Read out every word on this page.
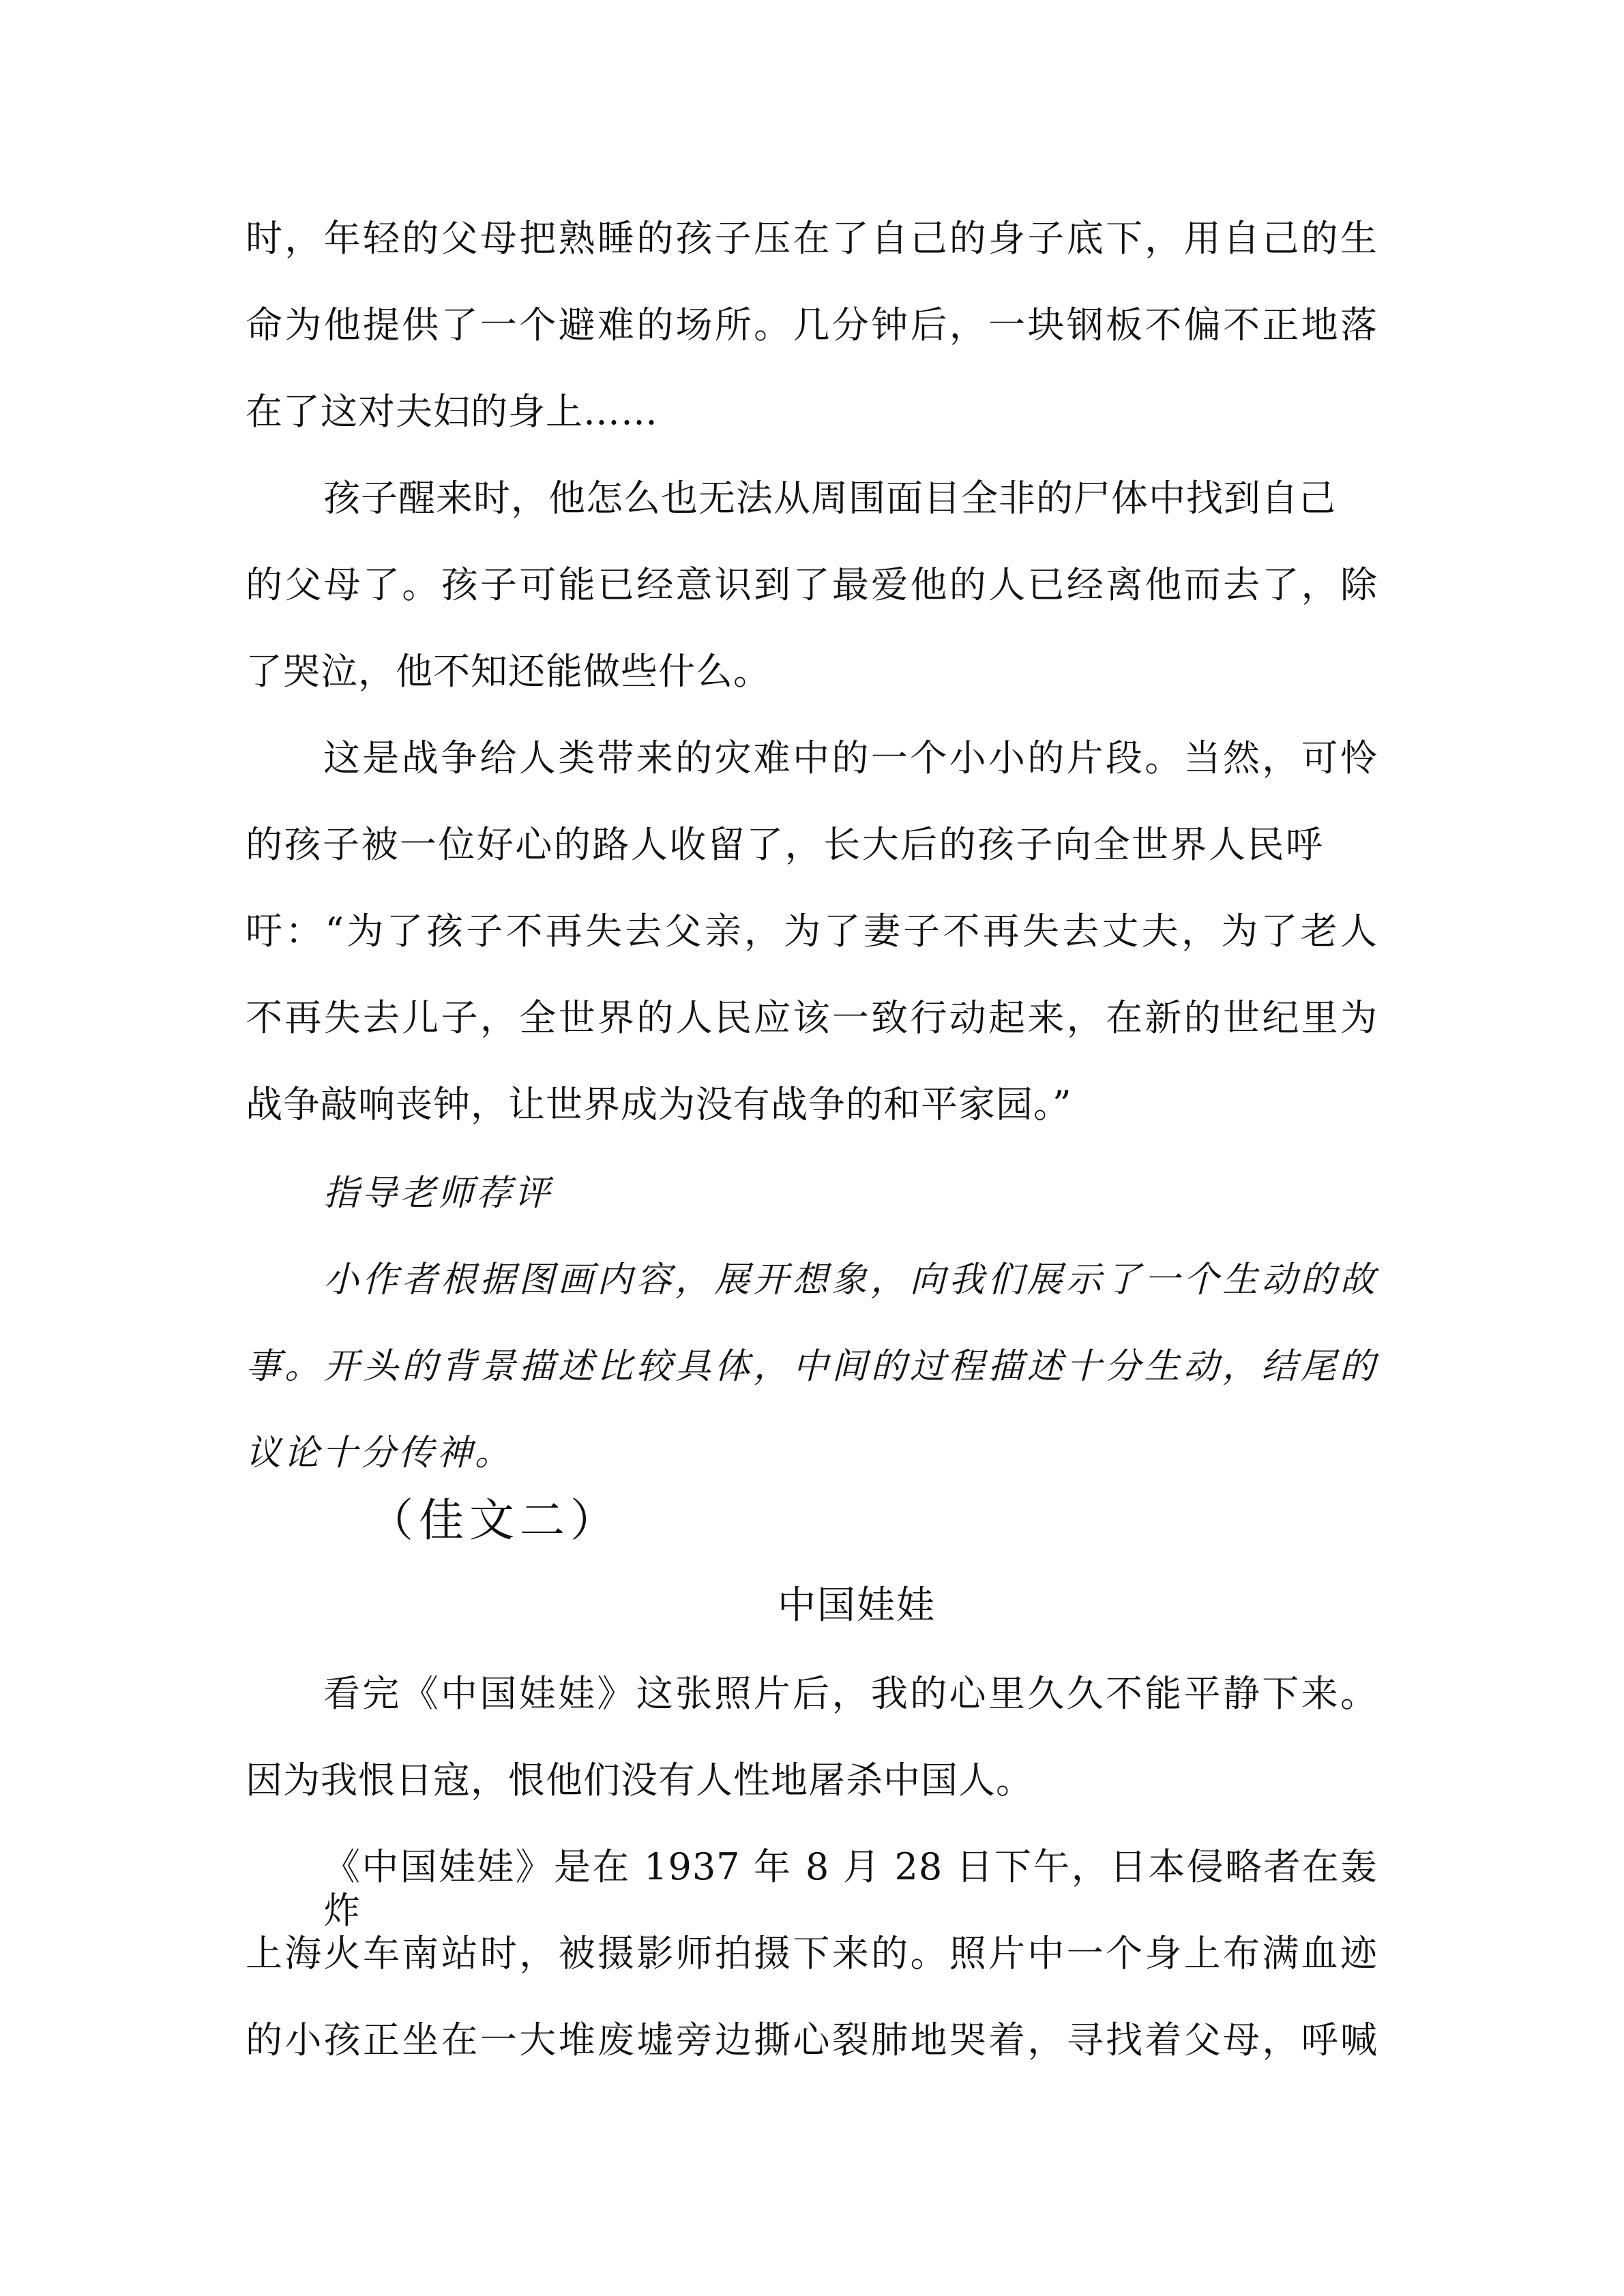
时，年轻的父母把熟睡的孩子压在了自己的身子底下，用自己的生
命为他提供了一个避难的场所。几分钟后，一块钢板不偏不正地落
在了这对夫妇的身上……
孩子醒来时，他怎么也无法从周围面目全非的尸体中找到自己
的父母了。孩子可能已经意识到了最爱他的人已经离他而去了，除
了哭泣，他不知还能做些什么。
这是战争给人类带来的灾难中的一个小小的片段。当然，可怜
的孩子被一位好心的路人收留了，长大后的孩子向全世界人民呼
吁：“为了孩子不再失去父亲，为了妻子不再失去丈夫，为了老人
不再失去儿子，全世界的人民应该一致行动起来，在新的世纪里为
战争敲响丧钟，让世界成为没有战争的和平家园。”
指导老师荐评
小作者根据图画内容，展开想象，向我们展示了一个生动的故
事。开头的背景描述比较具体，中间的过程描述十分生动，结尾的
议论十分传神。
（佳文二）
中国娃娃
看完《中国娃娃》这张照片后，我的心里久久不能平静下来。
因为我恨日寇，恨他们没有人性地屠杀中国人。
《中国娃娃》是在 1937 年 8 月 28 日下午，日本侵略者在轰炸
上海火车南站时，被摄影师拍摄下来的。照片中一个身上布满血迹
的小孩正坐在一大堆废墟旁边撕心裂肺地哭着，寻找着父母，呼喊
